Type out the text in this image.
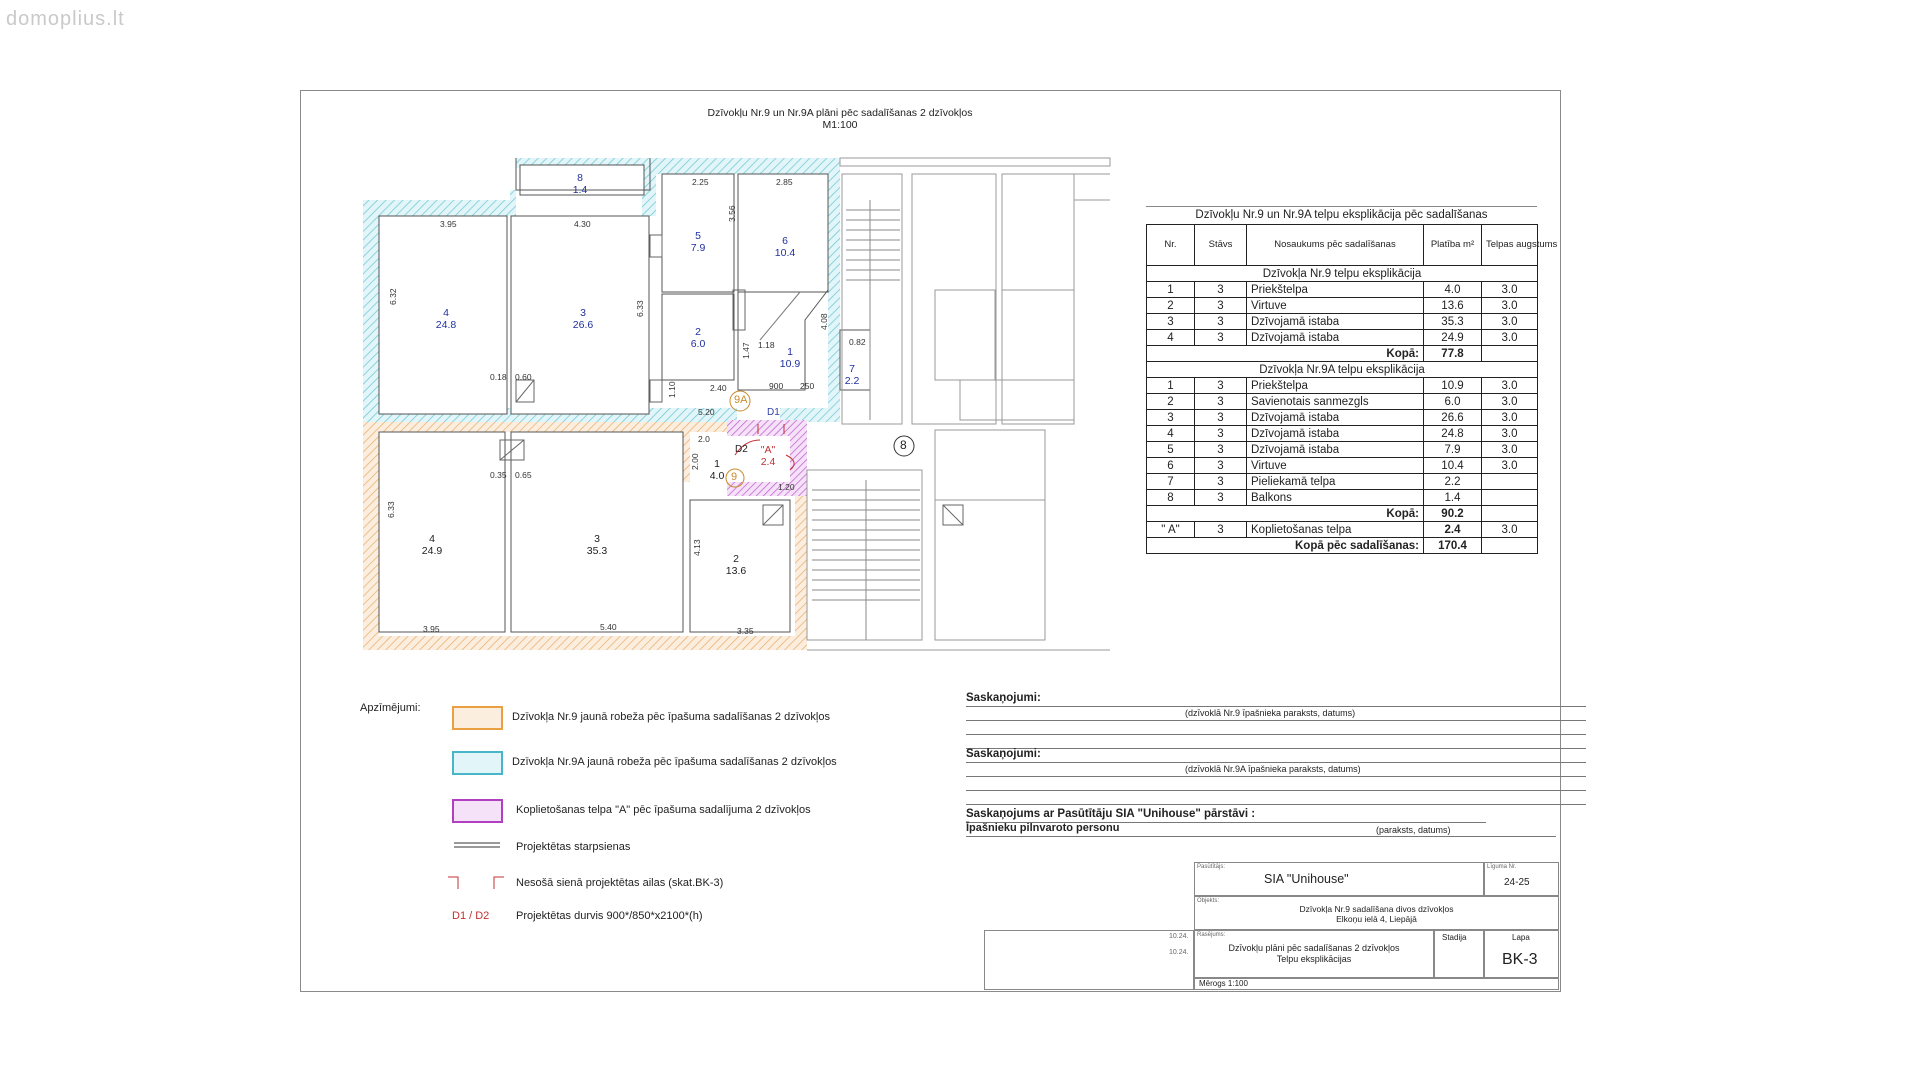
domoplius.lt
Dzīvokļu Nr.9 un Nr.9A plāni pēc sadalīšanas 2 dzīvokļos
M1:100
8
1.4
5
7.9
6
10.4
4
24.8
3
26.6
2
6.0
1
10.9	7
2.2
4
24.9
3
35.3
1
4.0
2
13.6
"A"
2.4
3.95	4.30
2.25	2.85
3.56
6.32
6.33
4.08
0.82
1.18
1.47
2.40	900 250
1.10
5.20
0.18 0.60
0.35 0.65
2.0
2.00
1.20
6.33
4.13
3.95	5.40	3.35
9A
9
8
D1
D2
Dzīvokļu Nr.9 un Nr.9A telpu eksplikācija pēc sadalīšanas
Nr.	Stāvs	Nosaukums pēc sadalīšanas	Platība m²	Telpas augstums
Dzīvokļa Nr.9 telpu eksplikācija				
1	3	Priekštelpa	4.0	3.0
2	3	Virtuve	13.6	3.0
3	3	Dzīvojamā istaba	35.3	3.0
4	3	Dzīvojamā istaba	24.9	3.0
Kopā:			77.8	
Dzīvokļa Nr.9A telpu eksplikācija				
1	3	Priekštelpa	10.9	3.0
2	3	Savienotais sanmezgls	6.0	3.0
3	3	Dzīvojamā istaba	26.6	3.0
4	3	Dzīvojamā istaba	24.8	3.0
5	3	Dzīvojamā istaba	7.9	3.0
6	3	Virtuve	10.4	3.0
7	3	Pieliekamā telpa	2.2	
8	3	Balkons	1.4	
Kopā:			90.2	
" A"	3	Koplietošanas telpa	2.4	3.0
Kopā pēc sadalīšanas:			170.4	
Apzīmējumi:
Dzīvokļa Nr.9 jaunā robeža pēc īpašuma sadalīšanas 2 dzīvokļos
Dzīvokļa Nr.9A jaunā robeža pēc īpašuma sadalīšanas 2 dzīvokļos
Koplietošanas telpa "A" pēc īpašuma sadalījuma 2 dzīvokļos
Projektētas starpsienas
Nesošā sienā projektētas ailas (skat.BK-3)
D1 / D2 Projektētas durvis 900*/850*x2100*(h)
Saskaņojumi:
(dzīvoklā Nr.9 īpašnieka paraksts, datums)
Saskaņojumi:
(dzīvoklā Nr.9A īpašnieka paraksts, datums)
Saskaņojums ar Pasūtītāju SIA "Unihouse" pārstāvi :
Īpašnieku pilnvaroto personu	(paraksts, datums)
Pasūtītājs:
SIA "Unihouse"
Līguma Nr.
24-25
Objekts:
Dzīvokļa Nr.9 sadalīšana divos dzīvokļos
Elkoņu ielā 4, Liepājā
Rasējums:
Dzīvokļu plāni pēc sadalīšanas 2 dzīvokļos
Telpu eksplikācijas
Stadija	Lapa
BK-3
10.24.
10.24.
Mērogs 1:100
